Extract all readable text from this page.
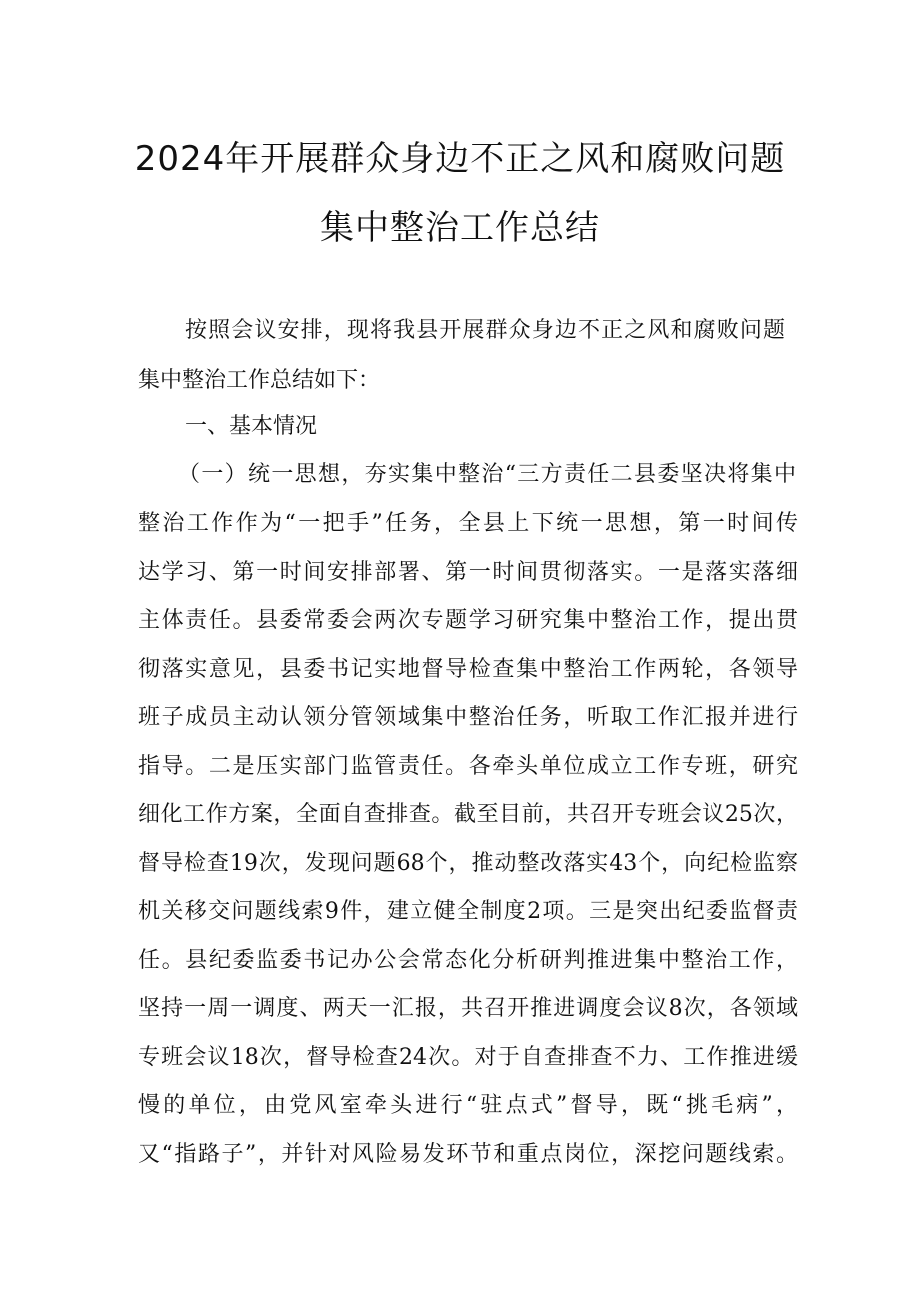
2024年开展群众身边不正之风和腐败问题
集中整治工作总结
按照会议安排，现将我县开展群众身边不正之风和腐败问题
集中整治工作总结如下：
一、基本情况
（一）统一思想，夯实集中整治“三方责任二县委坚决将集中
整治工作作为“一把手”任务，全县上下统一思想，第一时间传
达学习、第一时间安排部署、第一时间贯彻落实。一是落实落细
主体责任。县委常委会两次专题学习研究集中整治工作，提出贯
彻落实意见，县委书记实地督导检查集中整治工作两轮，各领导
班子成员主动认领分管领域集中整治任务，听取工作汇报并进行
指导。二是压实部门监管责任。各牵头单位成立工作专班，研究
细化工作方案，全面自查排查。截至目前，共召开专班会议25次，
督导检查19次，发现问题68个，推动整改落实43个，向纪检监察
机关移交问题线索9件，建立健全制度2项。三是突出纪委监督责
任。县纪委监委书记办公会常态化分析研判推进集中整治工作，
坚持一周一调度、两天一汇报，共召开推进调度会议8次，各领域
专班会议18次，督导检查24次。对于自查排查不力、工作推进缓
慢的单位，由党风室牵头进行“驻点式”督导，既“挑毛病”，
又“指路子”，并针对风险易发环节和重点岗位，深挖问题线索。
